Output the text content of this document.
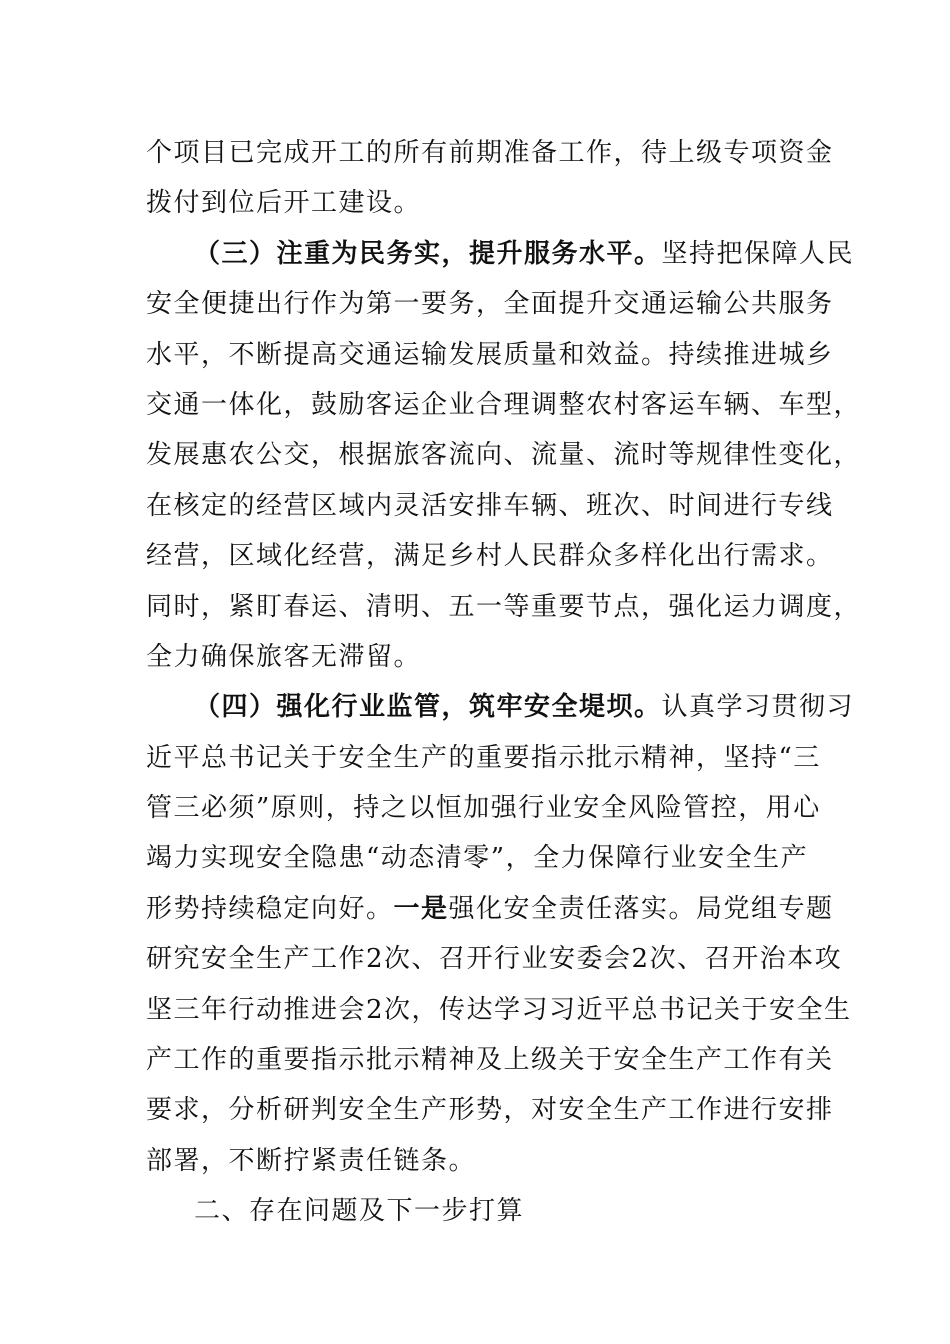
个项目已完成开工的所有前期准备工作，待上级专项资金
拨付到位后开工建设。
（三）注重为民务实，提升服务水平。坚持把保障人民
安全便捷出行作为第一要务，全面提升交通运输公共服务
水平，不断提高交通运输发展质量和效益。持续推进城乡
交通一体化，鼓励客运企业合理调整农村客运车辆、车型，
发展惠农公交，根据旅客流向、流量、流时等规律性变化，
在核定的经营区域内灵活安排车辆、班次、时间进行专线
经营，区域化经营，满足乡村人民群众多样化出行需求。
同时，紧盯春运、清明、五一等重要节点，强化运力调度，
全力确保旅客无滞留。
（四）强化行业监管，筑牢安全堤坝。认真学习贯彻习
近平总书记关于安全生产的重要指示批示精神，坚持“三
管三必须”原则，持之以恒加强行业安全风险管控，用心
竭力实现安全隐患“动态清零”，全力保障行业安全生产
形势持续稳定向好。一是强化安全责任落实。局党组专题
研究安全生产工作2次、召开行业安委会2次、召开治本攻
坚三年行动推进会2次，传达学习习近平总书记关于安全生
产工作的重要指示批示精神及上级关于安全生产工作有关
要求，分析研判安全生产形势，对安全生产工作进行安排
部署，不断拧紧责任链条。
二、存在问题及下一步打算
